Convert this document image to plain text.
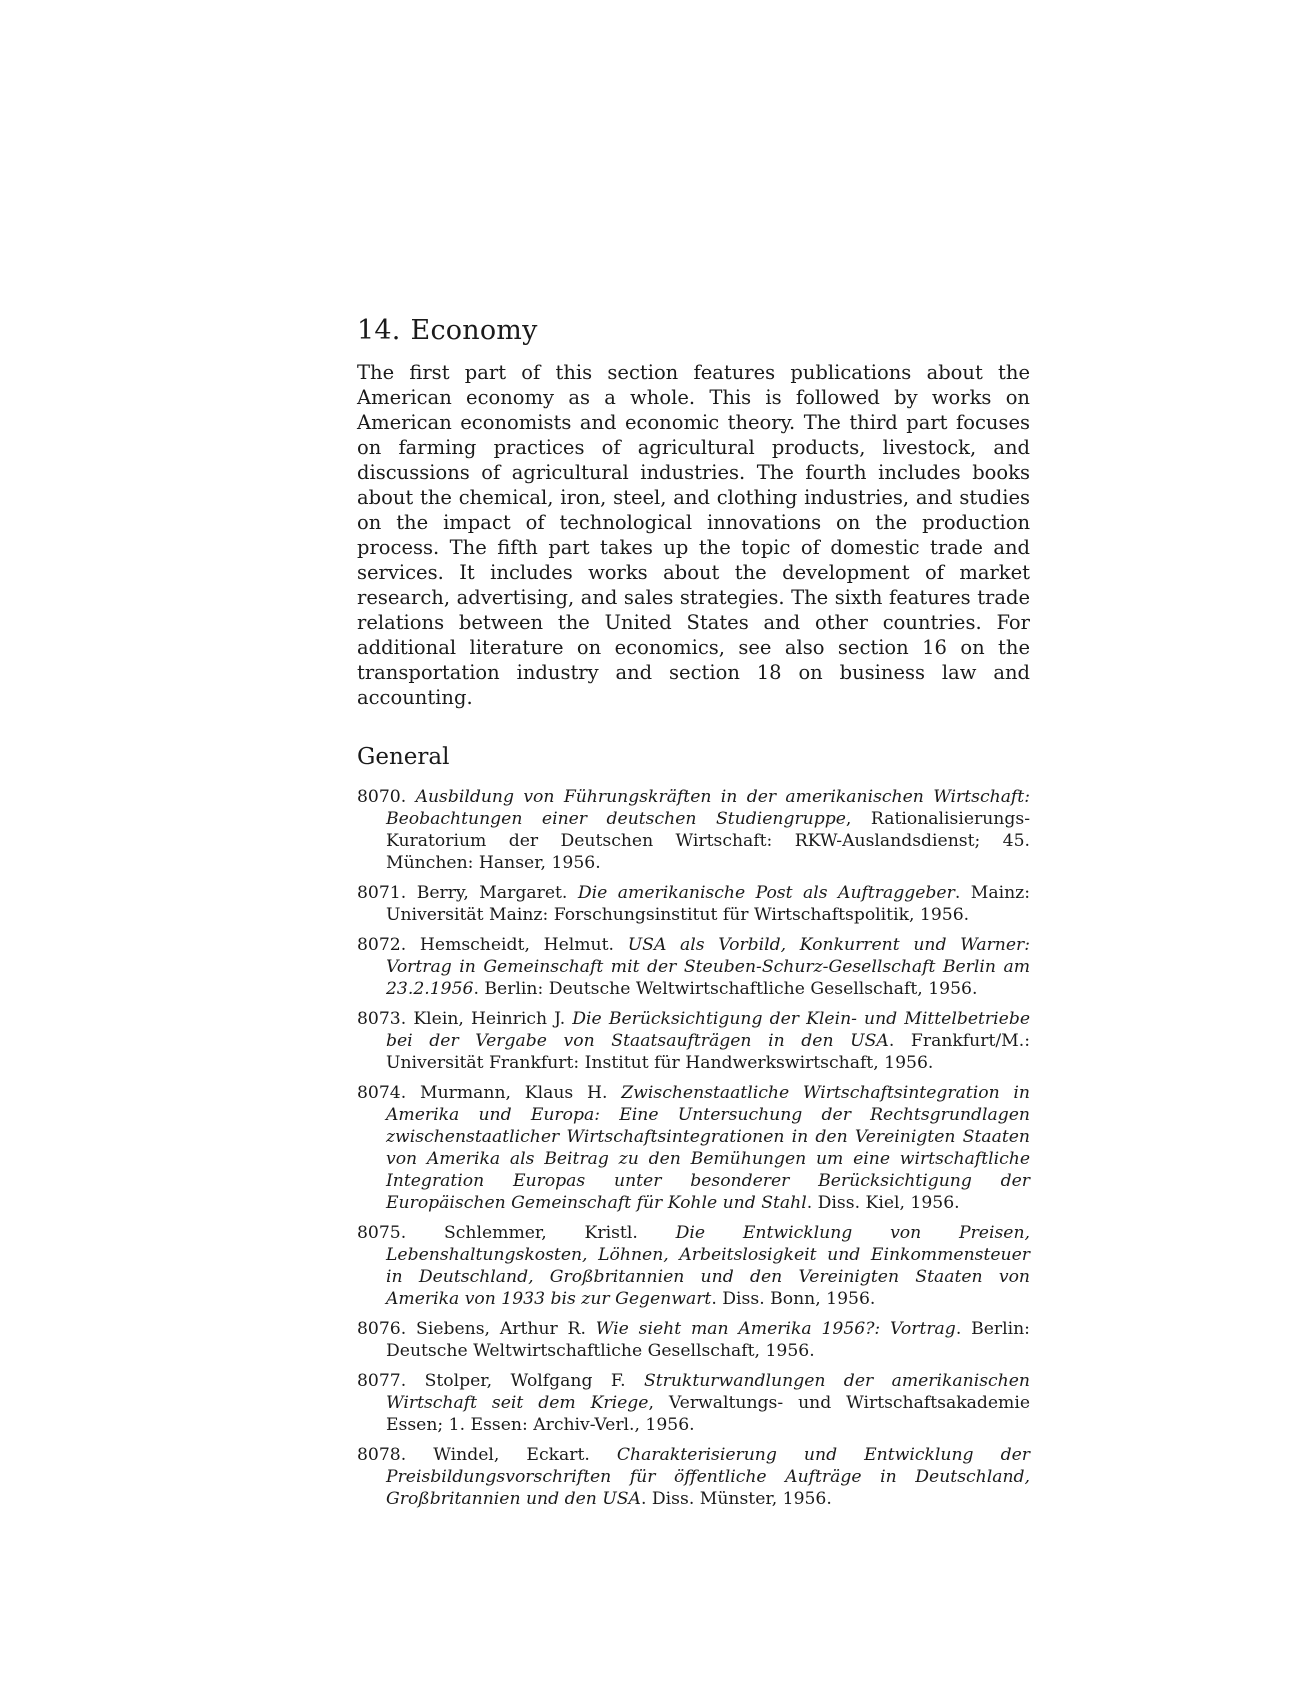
14. Economy

The first part of this section features publications about the American economy as a whole. This is followed by works on American economists and economic theory. The third part focuses on farming practices of agricultural products, livestock, and discussions of agricultural industries. The fourth includes books about the chemical, iron, steel, and clothing industries, and studies on the impact of technological innovations on the production process. The fifth part takes up the topic of domestic trade and services. It includes works about the development of market research, advertising, and sales strategies. The sixth features trade relations between the United States and other countries. For additional literature on economics, see also section 16 on the transportation industry and section 18 on business law and accounting.

General
8070. Ausbildung von Führungskräften in der amerikanischen Wirtschaft: Beobachtungen einer deutschen Studiengruppe, Rationalisierungs-Kuratorium der Deutschen Wirtschaft: RKW-Auslandsdienst; 45. München: Hanser, 1956.
8071. Berry, Margaret. Die amerikanische Post als Auftraggeber. Mainz: Universität Mainz: Forschungsinstitut für Wirtschaftspolitik, 1956.
8072. Hemscheidt, Helmut. USA als Vorbild, Konkurrent und Warner: Vortrag in Gemeinschaft mit der Steuben-Schurz-Gesellschaft Berlin am 23.2.1956. Berlin: Deutsche Weltwirtschaftliche Gesellschaft, 1956.
8073. Klein, Heinrich J. Die Berücksichtigung der Klein- und Mittelbetriebe bei der Vergabe von Staatsaufträgen in den USA. Frankfurt/M.: Universität Frankfurt: Institut für Handwerkswirtschaft, 1956.
8074. Murmann, Klaus H. Zwischenstaatliche Wirtschaftsintegration in Amerika und Europa: Eine Untersuchung der Rechtsgrundlagen zwischenstaatlicher Wirtschaftsintegrationen in den Vereinigten Staaten von Amerika als Beitrag zu den Bemühungen um eine wirtschaftliche Integration Europas unter besonderer Berücksichtigung der Europäischen Gemeinschaft für Kohle und Stahl. Diss. Kiel, 1956.
8075. Schlemmer, Kristl. Die Entwicklung von Preisen, Lebenshaltungskosten, Löhnen, Arbeitslosigkeit und Einkommensteuer in Deutschland, Großbritannien und den Vereinigten Staaten von Amerika von 1933 bis zur Gegenwart. Diss. Bonn, 1956.
8076. Siebens, Arthur R. Wie sieht man Amerika 1956?: Vortrag. Berlin: Deutsche Weltwirtschaftliche Gesellschaft, 1956.
8077. Stolper, Wolfgang F. Strukturwandlungen der amerikanischen Wirtschaft seit dem Kriege, Verwaltungs- und Wirtschaftsakademie Essen; 1. Essen: Archiv-Verl., 1956.
8078. Windel, Eckart. Charakterisierung und Entwicklung der Preisbildungsvorschriften für öffentliche Aufträge in Deutschland, Großbritannien und den USA. Diss. Münster, 1956.
